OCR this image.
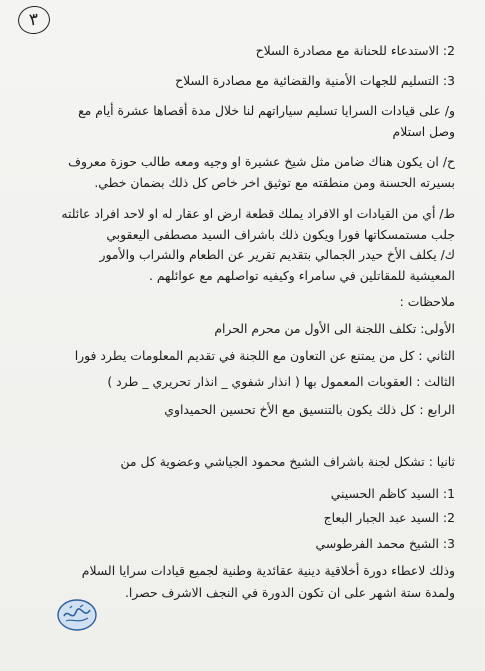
٣
2: الاستدعاء للحنانة مع مصادرة السلاح
3: التسليم للجهات الأمنية والقضائية مع مصادرة السلاح
و/ على قيادات السرايا تسليم سياراتهم لنا خلال مدة أقصاها عشرة أيام مع
وصل استلام
ح/ ان يكون هناك ضامن مثل شيخ عشيرة او وجيه ومعه طالب حوزة معروف
بسيرته الحسنة ومن منطقته مع توثيق اخر خاص كل ذلك بضمان خطي.
ط/ أي من القيادات او الافراد يملك قطعة ارض او عقار له او لاحد افراد عائلته
جلب مستمسكاتها فورا ويكون ذلك باشراف السيد مصطفى اليعقوبي
ك/ يكلف الأخ حيدر الجمالي بتقديم تقرير عن الطعام والشراب والأمور
المعيشية للمقاتلين في سامراء وكيفيه تواصلهم مع عوائلهم .
ملاحظات :
الأولى: تكلف اللجنة الى الأول من محرم الحرام
الثاني : كل من يمتنع عن التعاون مع اللجنة في تقديم المعلومات يطرد فورا
الثالث : العقوبات المعمول بها ( انذار شفوي _ انذار تحريري _ طرد )
الرابع : كل ذلك يكون بالتنسيق مع الأخ تحسين الحميداوي
ثانيا : تشكل لجنة باشراف الشيخ محمود الجياشي وعضوية كل من
1: السيد كاظم الحسيني
2: السيد عبد الجبار البعاج
3: الشيخ محمد الفرطوسي
وذلك لاعطاء دورة أخلاقية دينية عقائدية وطنية لجميع قيادات سرايا السلام
ولمدة ستة اشهر على ان تكون الدورة في النجف الاشرف حصرا.
